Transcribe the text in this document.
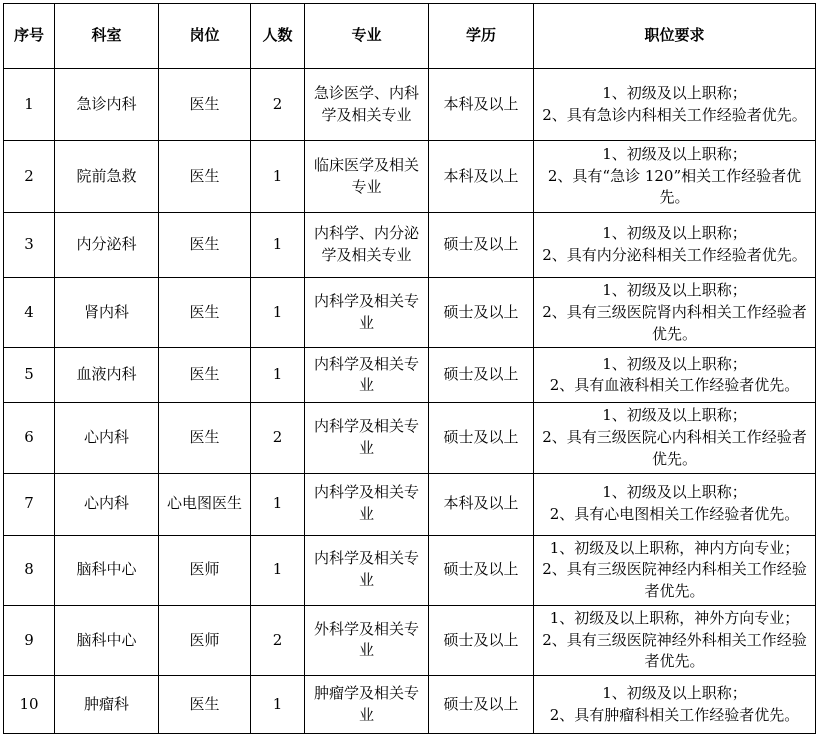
序号	科室	岗位	人数	专业	学历	职位要求
1	急诊内科	医生	2	急诊医学、内科学及相关专业	本科及以上	1、初级及以上职称；
2、具有急诊内科相关工作经验者优先。

2	院前急救	医生	1	临床医学及相关专业	本科及以上	1、初级及以上职称；
2、具有“急诊 120”相关工作经验者优先。

3	内分泌科	医生	1	内科学、内分泌学及相关专业	硕士及以上	1、初级及以上职称；
2、具有内分泌科相关工作经验者优先。

4	肾内科	医生	1	内科学及相关专业	硕士及以上	1、初级及以上职称；
2、具有三级医院肾内科相关工作经验者优先。

5	血液内科	医生	1	内科学及相关专业	硕士及以上	1、初级及以上职称；
2、具有血液科相关工作经验者优先。

6	心内科	医生	2	内科学及相关专业	硕士及以上	1、初级及以上职称；
2、具有三级医院心内科相关工作经验者优先。

7	心内科	心电图医生	1	内科学及相关专业	本科及以上	1、初级及以上职称；
2、具有心电图相关工作经验者优先。

8	脑科中心	医师	1	内科学及相关专业	硕士及以上	1、初级及以上职称，神内方向专业；
2、具有三级医院神经内科相关工作经验者优先。

9	脑科中心	医师	2	外科学及相关专业	硕士及以上	1、初级及以上职称，神外方向专业；
2、具有三级医院神经外科相关工作经验者优先。

10	肿瘤科	医生	1	肿瘤学及相关专业	硕士及以上	1、初级及以上职称；
2、具有肿瘤科相关工作经验者优先。
